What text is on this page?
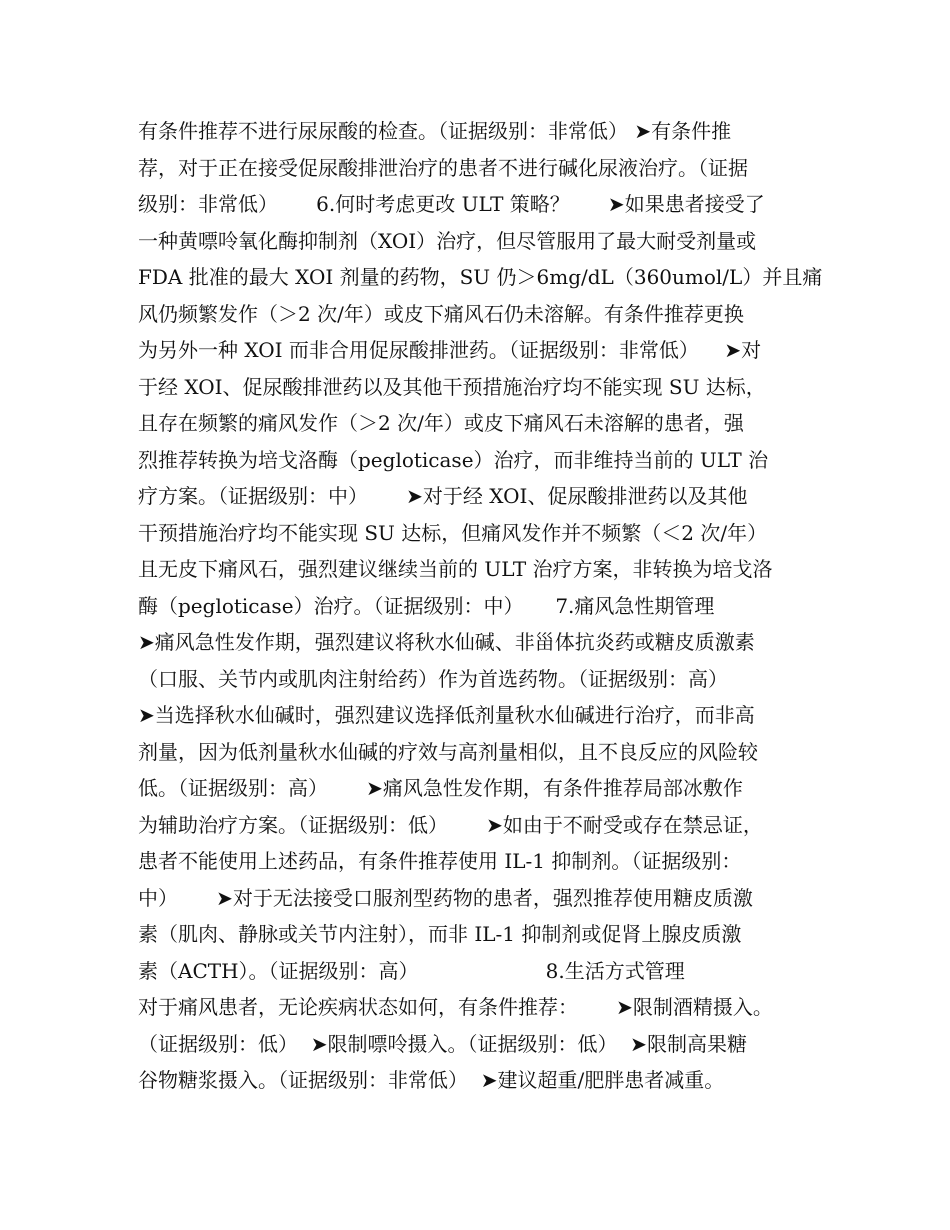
有条件推荐不进行尿尿酸的检查。（证据级别：非常低） ➤有条件推
荐，对于正在接受促尿酸排泄治疗的患者不进行碱化尿液治疗。（证据
级别：非常低）      6.何时考虑更改 ULT 策略？      ➤如果患者接受了
一种黄嘌呤氧化酶抑制剂（XOI）治疗，但尽管服用了最大耐受剂量或
FDA 批准的最大 XOI 剂量的药物，SU 仍＞6mg/dL（360umol/L）并且痛
风仍频繁发作（＞2 次/年）或皮下痛风石仍未溶解。有条件推荐更换
为另外一种 XOI 而非合用促尿酸排泄药。（证据级别：非常低）    ➤对
于经 XOI、促尿酸排泄药以及其他干预措施治疗均不能实现 SU 达标，
且存在频繁的痛风发作（＞2 次/年）或皮下痛风石未溶解的患者，强
烈推荐转换为培戈洛酶（pegloticase）治疗，而非维持当前的 ULT 治
疗方案。（证据级别：中）      ➤对于经 XOI、促尿酸排泄药以及其他
干预措施治疗均不能实现 SU 达标，但痛风发作并不频繁（＜2 次/年）
且无皮下痛风石，强烈建议继续当前的 ULT 治疗方案，非转换为培戈洛
酶（pegloticase）治疗。（证据级别：中）     7.痛风急性期管理
➤痛风急性发作期，强烈建议将秋水仙碱、非甾体抗炎药或糖皮质激素
（口服、关节内或肌肉注射给药）作为首选药物。（证据级别：高）
➤当选择秋水仙碱时，强烈建议选择低剂量秋水仙碱进行治疗，而非高
剂量，因为低剂量秋水仙碱的疗效与高剂量相似，且不良反应的风险较
低。（证据级别：高）      ➤痛风急性发作期，有条件推荐局部冰敷作
为辅助治疗方案。（证据级别：低）      ➤如由于不耐受或存在禁忌证，
患者不能使用上述药品，有条件推荐使用 IL-1 抑制剂。（证据级别：
中）      ➤对于无法接受口服剂型药物的患者，强烈推荐使用糖皮质激
素（肌肉、静脉或关节内注射），而非 IL-1 抑制剂或促肾上腺皮质激
素（ACTH）。（证据级别：高）                    8.生活方式管理
对于痛风患者，无论疾病状态如何，有条件推荐：      ➤限制酒精摄入。
（证据级别：低）  ➤限制嘌呤摄入。（证据级别：低）  ➤限制高果糖
谷物糖浆摄入。（证据级别：非常低）  ➤建议超重/肥胖患者减重。
